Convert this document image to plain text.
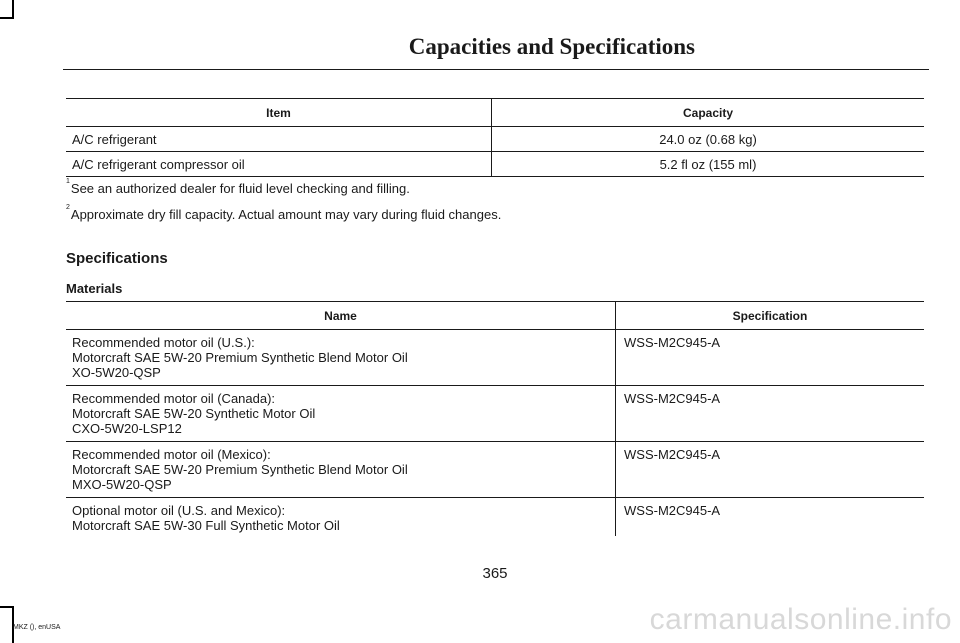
Capacities and Specifications
Item	Capacity
A/C refrigerant	24.0 oz (0.68 kg)
A/C refrigerant compressor oil	5.2 fl oz (155 ml)
$^1$See an authorized dealer for fluid level checking and filling.
$^2$Approximate dry fill capacity. Actual amount may vary during fluid changes.
Specifications
Materials
Name	Specification

Recommended motor oil (U.S.):
Motorcraft SAE 5W-20 Premium Synthetic Blend Motor Oil
XO-5W20-QSP	WSS-M2C945-A

Recommended motor oil (Canada):
Motorcraft SAE 5W-20 Synthetic Motor Oil
CXO-5W20-LSP12	WSS-M2C945-A

Recommended motor oil (Mexico):
Motorcraft SAE 5W-20 Premium Synthetic Blend Motor Oil
MXO-5W20-QSP	WSS-M2C945-A

Optional motor oil (U.S. and Mexico):
Motorcraft SAE 5W-30 Full Synthetic Motor Oil	WSS-M2C945-A
365
MKZ (), enUSA	carmanualsonline.info
